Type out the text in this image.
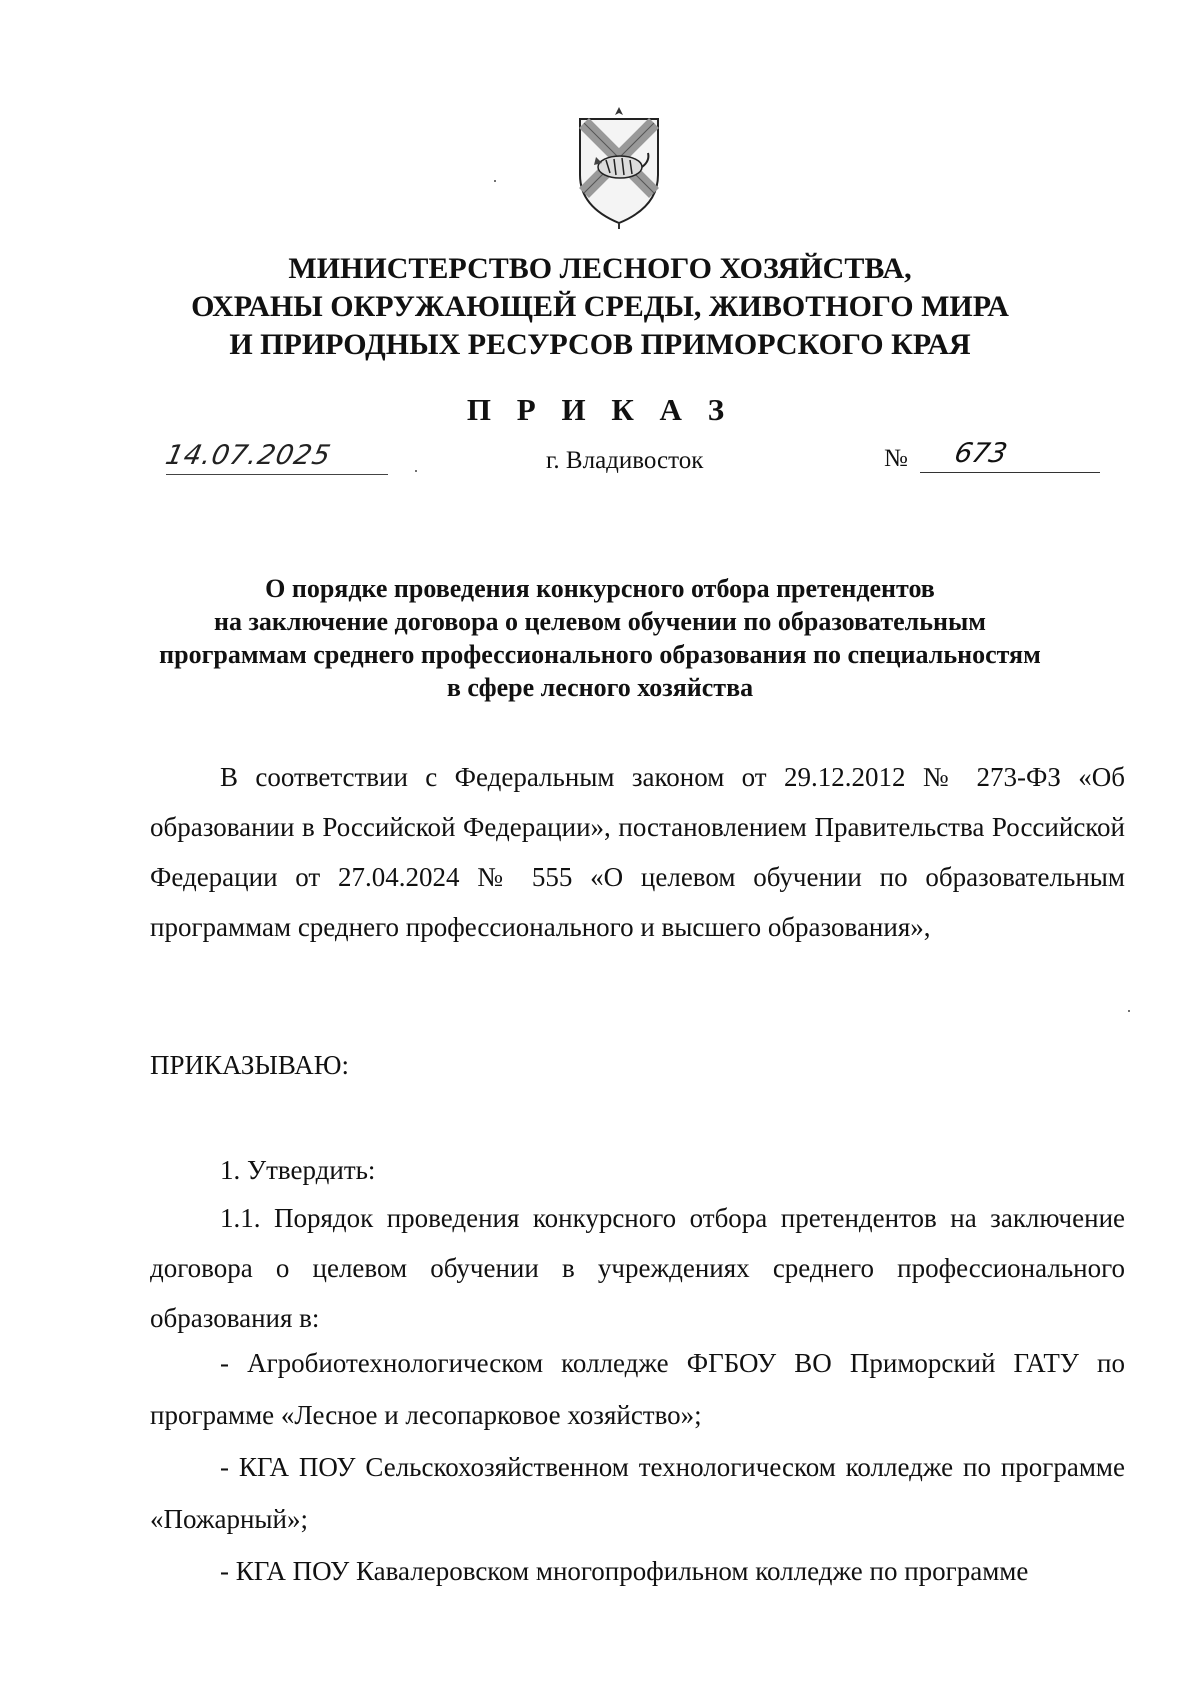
МИНИСТЕРСТВО ЛЕСНОГО ХОЗЯЙСТВА,
ОХРАНЫ ОКРУЖАЮЩЕЙ СРЕДЫ, ЖИВОТНОГО МИРА
И ПРИРОДНЫХ РЕСУРСОВ ПРИМОРСКОГО КРАЯ
П Р И К А З
14.07.2025	г. Владивосток	№ 673
О порядке проведения конкурсного отбора претендентов
на заключение договора о целевом обучении по образовательным
программам среднего профессионального образования по специальностям
в сфере лесного хозяйства
В соответствии с Федеральным законом от 29.12.2012 № 273-ФЗ «Об образовании в Российской Федерации», постановлением Правительства Российской Федерации от 27.04.2024 № 555 «О целевом обучении по образовательным программам среднего профессионального и высшего образования»,
ПРИКАЗЫВАЮ:
1. Утвердить:
1.1. Порядок проведения конкурсного отбора претендентов на заключение договора о целевом обучении в учреждениях среднего профессионального образования в:
- Агробиотехнологическом колледже ФГБОУ ВО Приморский ГАТУ по программе «Лесное и лесопарковое хозяйство»;
- КГА ПОУ Сельскохозяйственном технологическом колледже по программе «Пожарный»;
- КГА ПОУ Кавалеровском многопрофильном колледже по программе
